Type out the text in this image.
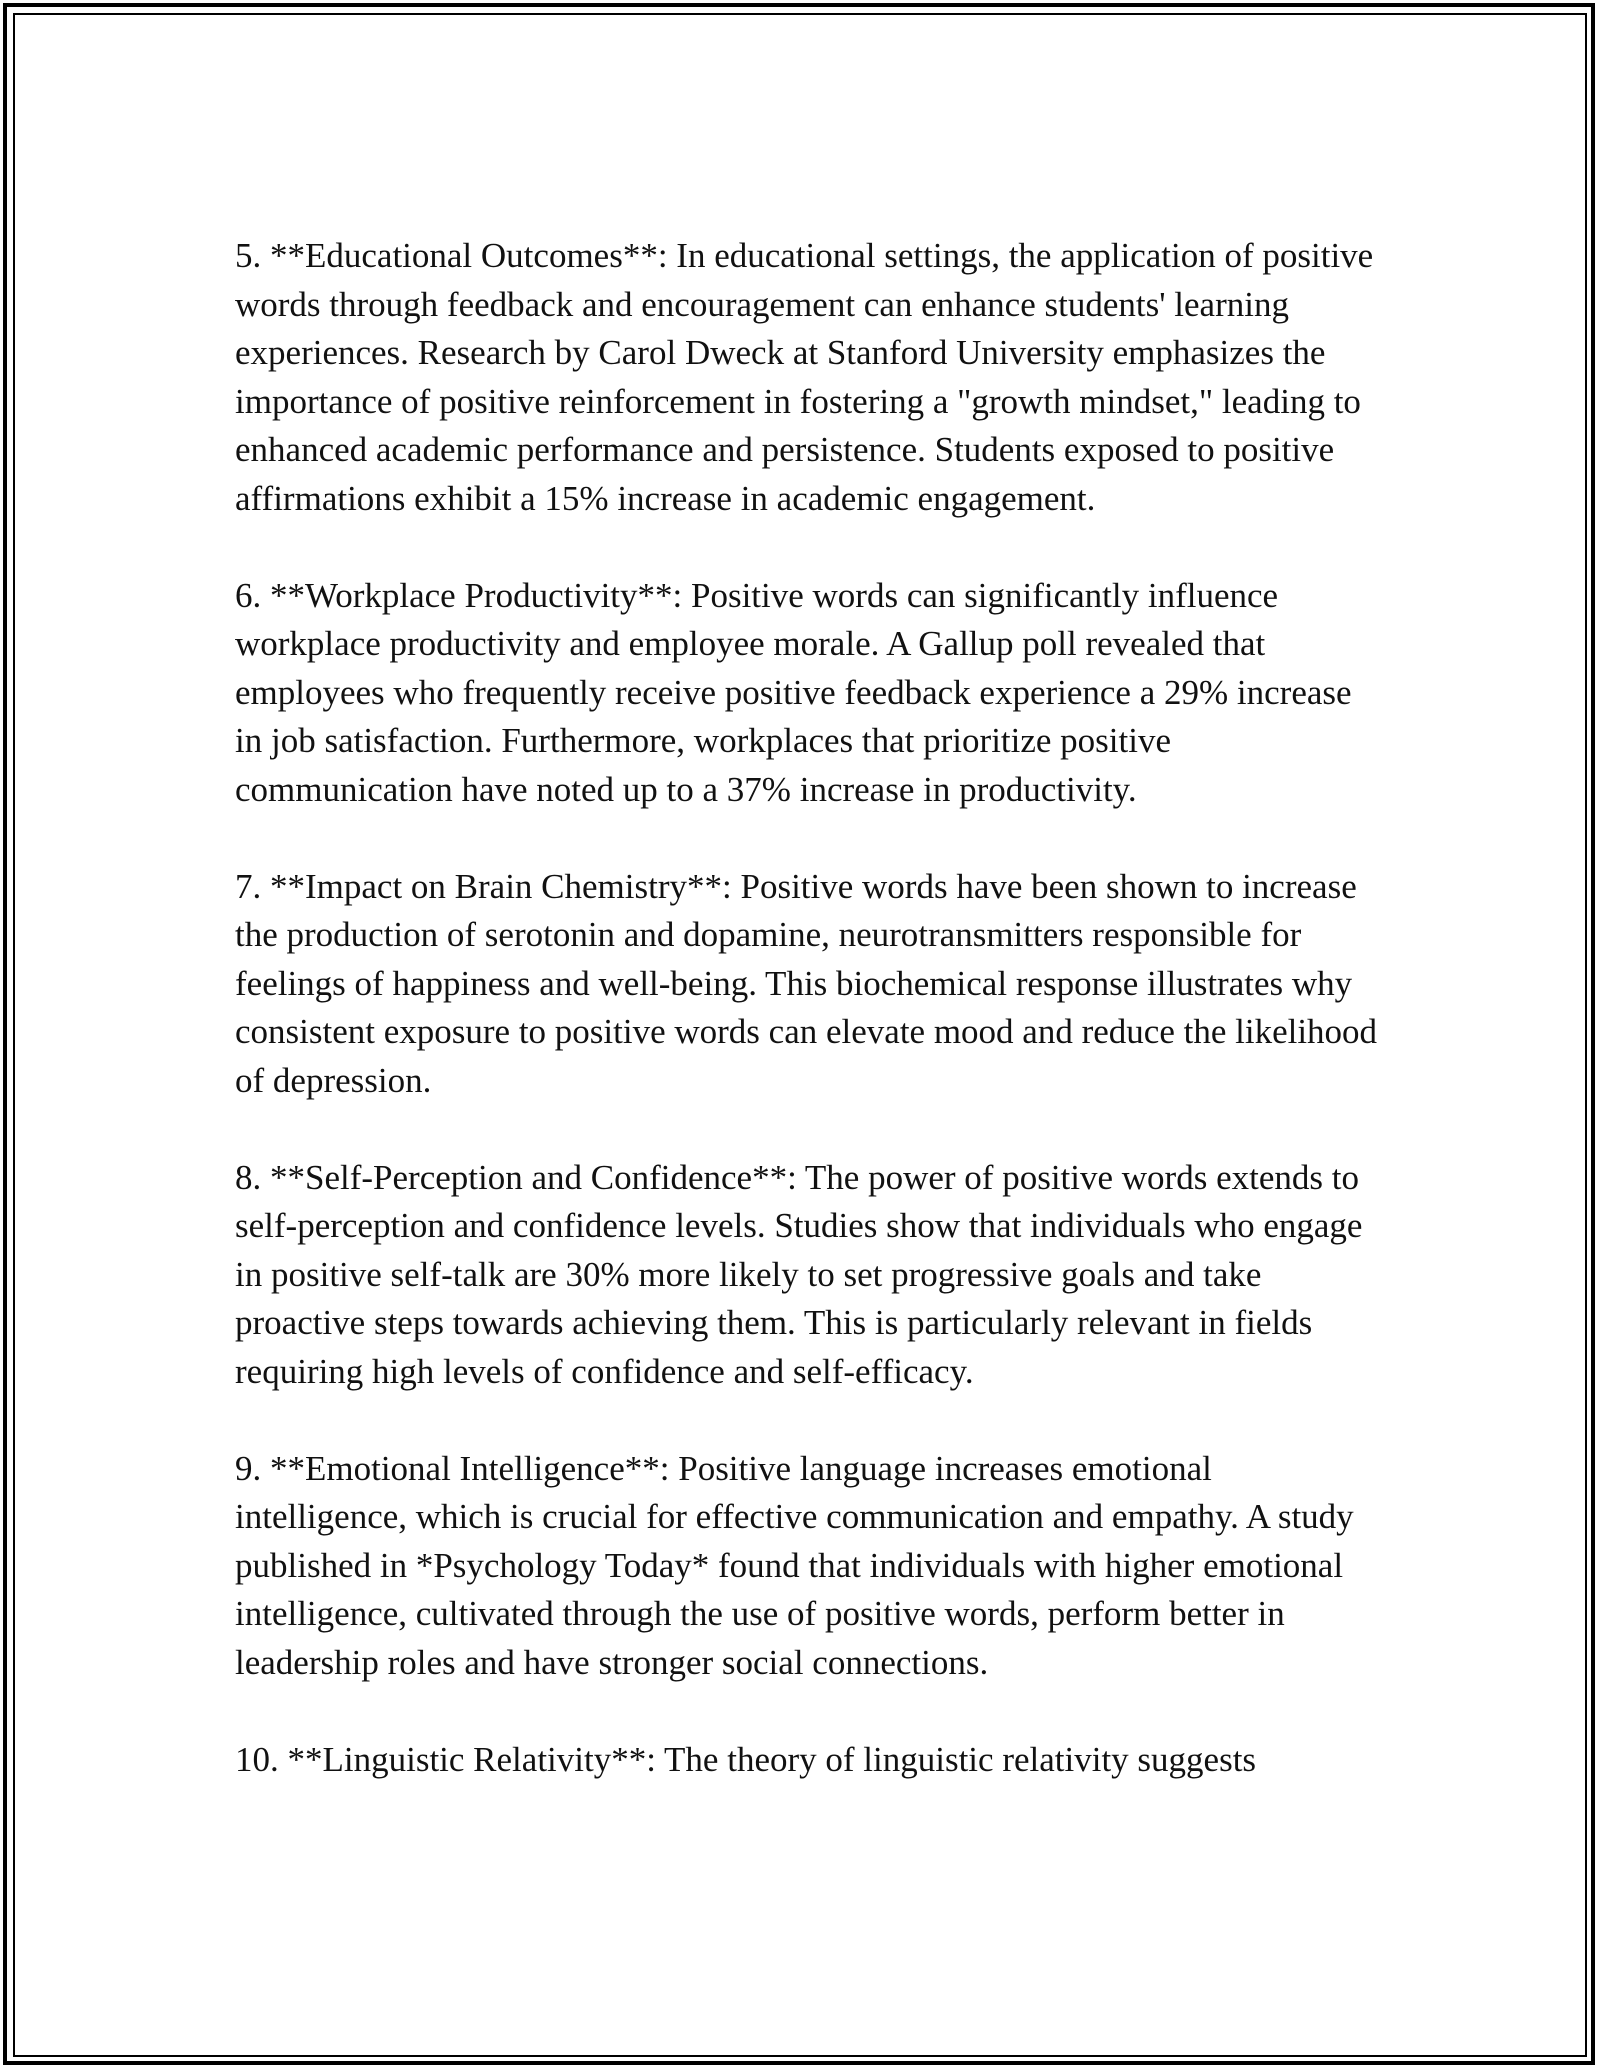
5. **Educational Outcomes**: In educational settings, the application of positive words through feedback and encouragement can enhance students' learning experiences. Research by Carol Dweck at Stanford University emphasizes the importance of positive reinforcement in fostering a "growth mindset," leading to enhanced academic performance and persistence. Students exposed to positive affirmations exhibit a 15% increase in academic engagement.

6. **Workplace Productivity**: Positive words can significantly influence workplace productivity and employee morale. A Gallup poll revealed that employees who frequently receive positive feedback experience a 29% increase in job satisfaction. Furthermore, workplaces that prioritize positive communication have noted up to a 37% increase in productivity.

7. **Impact on Brain Chemistry**: Positive words have been shown to increase the production of serotonin and dopamine, neurotransmitters responsible for feelings of happiness and well-being. This biochemical response illustrates why consistent exposure to positive words can elevate mood and reduce the likelihood of depression.

8. **Self-Perception and Confidence**: The power of positive words extends to self-perception and confidence levels. Studies show that individuals who engage in positive self-talk are 30% more likely to set progressive goals and take proactive steps towards achieving them. This is particularly relevant in fields requiring high levels of confidence and self-efficacy.

9. **Emotional Intelligence**: Positive language increases emotional intelligence, which is crucial for effective communication and empathy. A study published in *Psychology Today* found that individuals with higher emotional intelligence, cultivated through the use of positive words, perform better in leadership roles and have stronger social connections.

10. **Linguistic Relativity**: The theory of linguistic relativity suggests
